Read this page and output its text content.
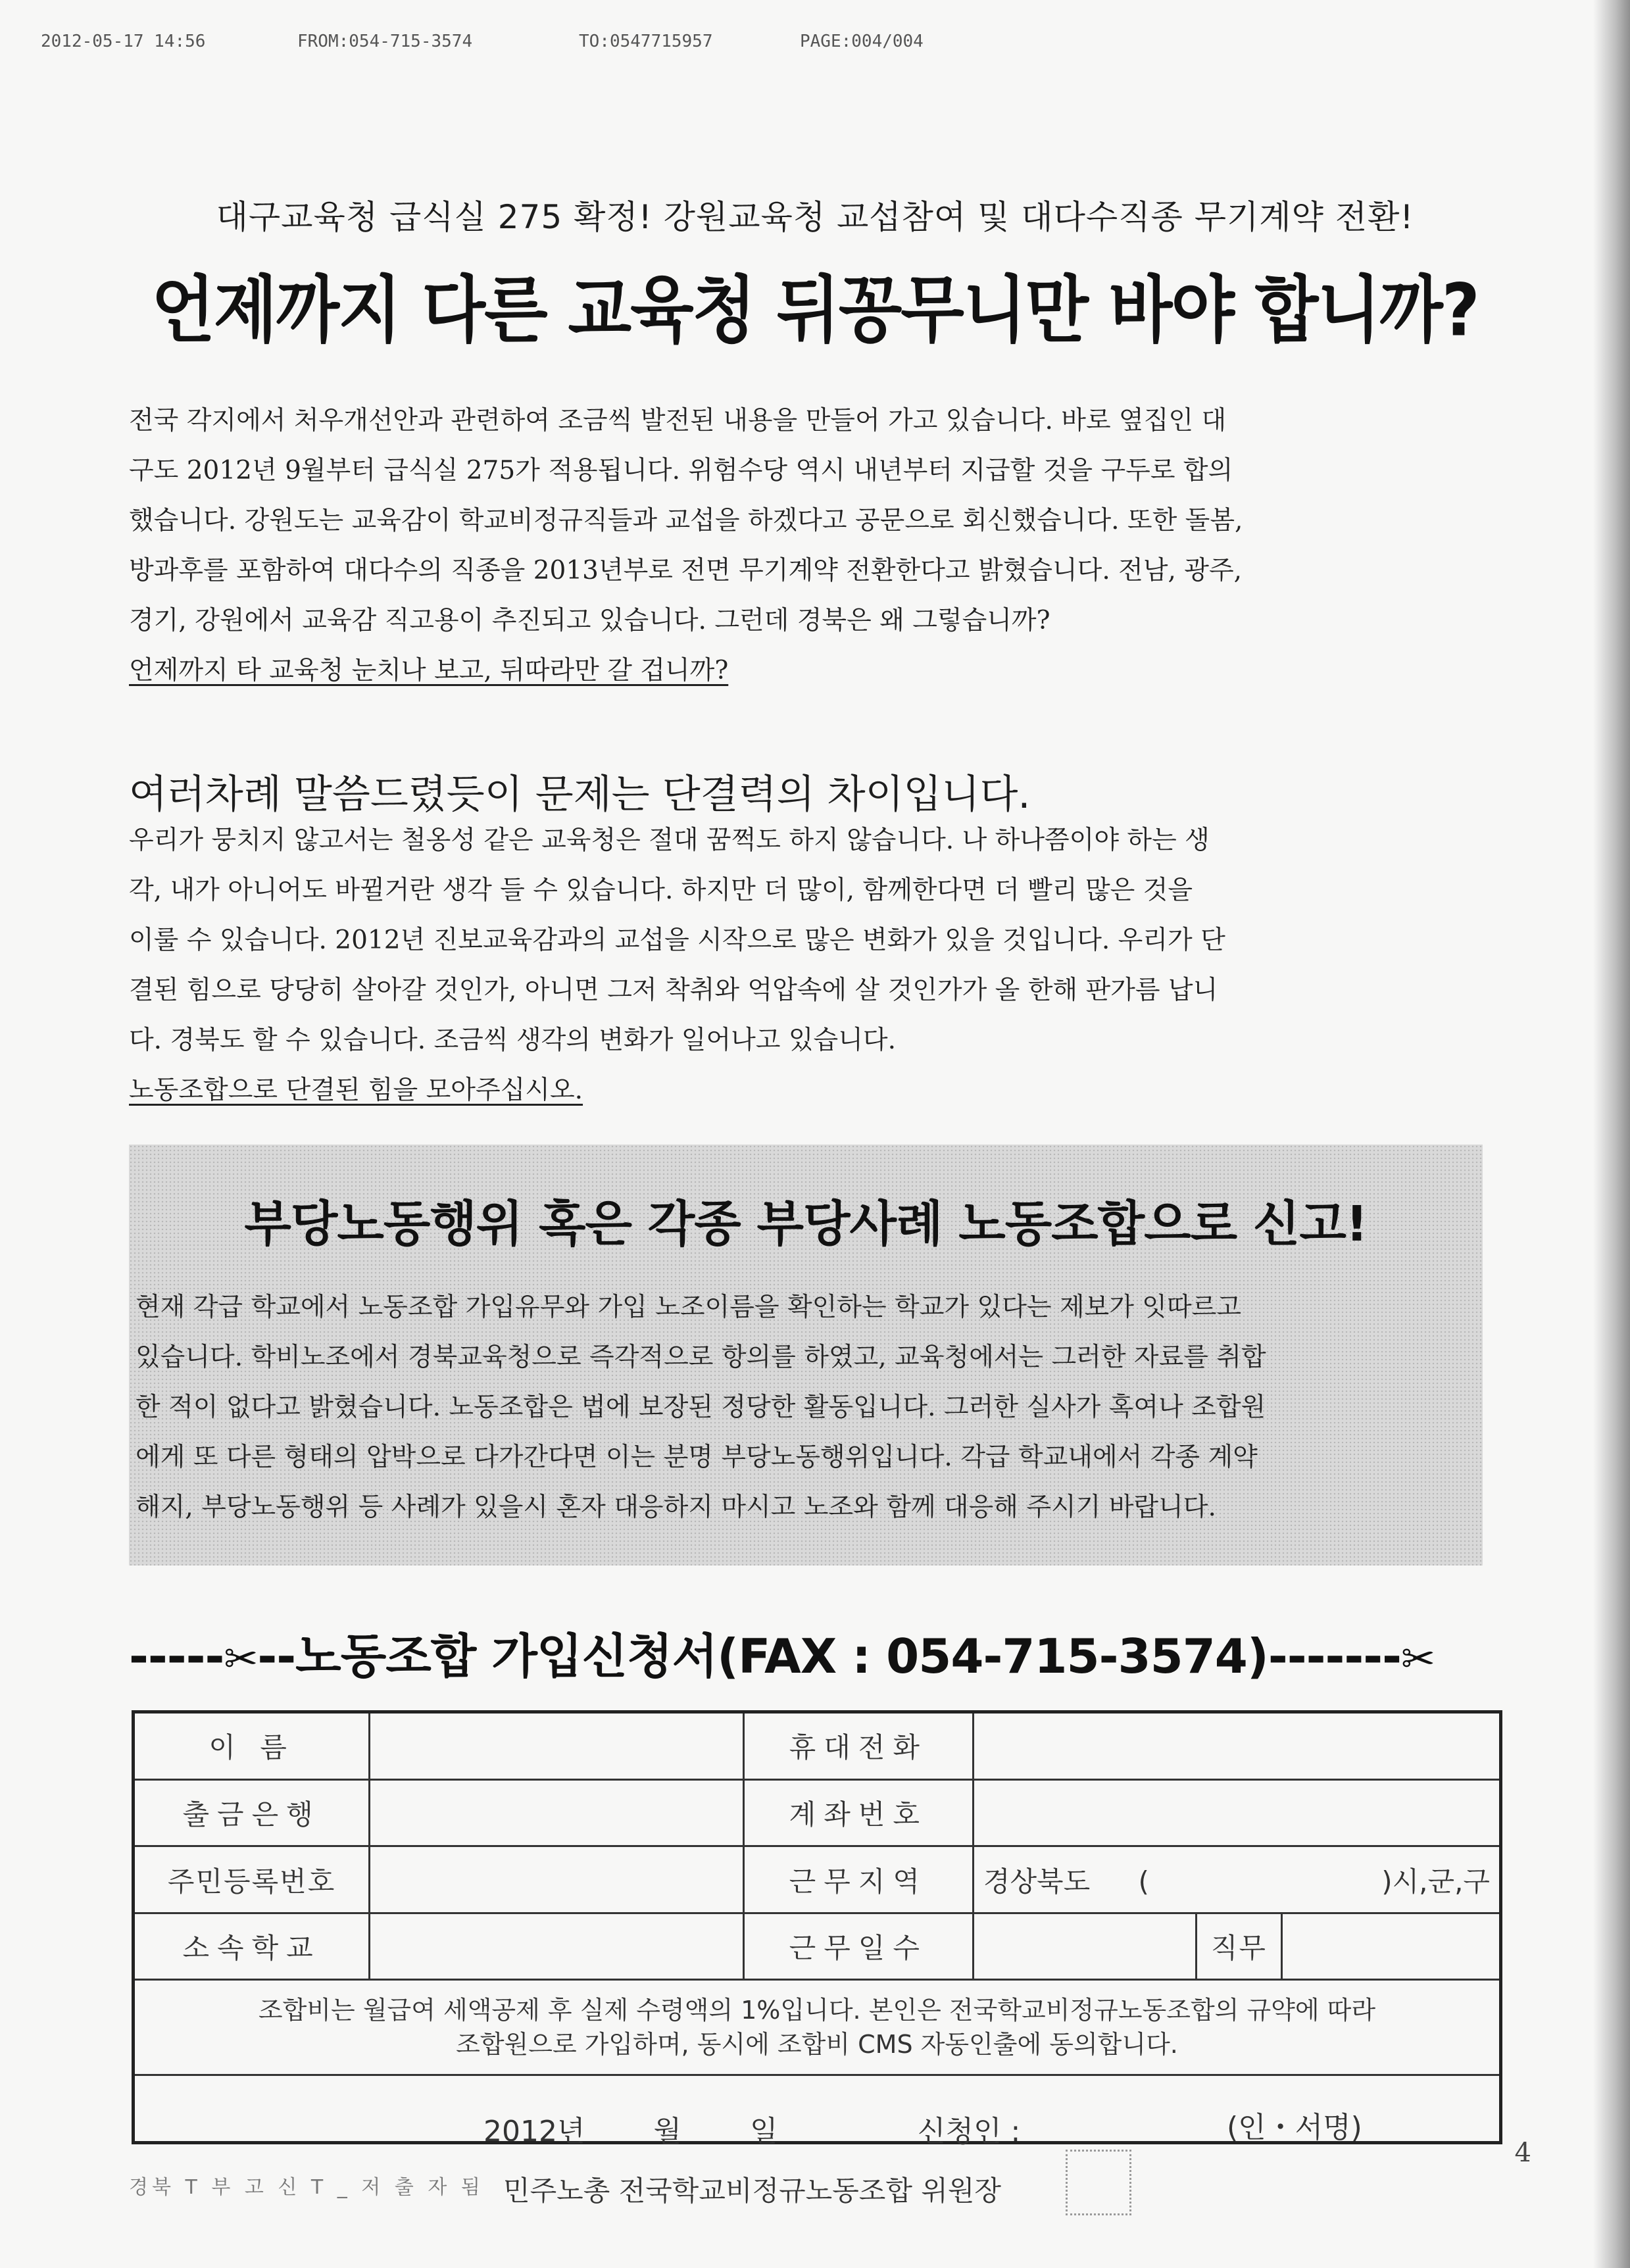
2012-05-17 14:56	FROM:054-715-3574	TO:0547715957	PAGE:004/004
대구교육청 급식실 275 확정! 강원교육청 교섭참여 및 대다수직종 무기계약 전환!
언제까지 다른 교육청 뒤꽁무니만 바야 합니까?

전국 각지에서 처우개선안과 관련하여 조금씩 발전된 내용을 만들어 가고 있습니다. 바로 옆집인 대

구도 2012년 9월부터 급식실 275가 적용됩니다. 위험수당 역시 내년부터 지급할 것을 구두로 합의

했습니다. 강원도는 교육감이 학교비정규직들과 교섭을 하겠다고 공문으로 회신했습니다. 또한 돌봄,

방과후를 포함하여 대다수의 직종을 2013년부로 전면 무기계약 전환한다고 밝혔습니다. 전남, 광주,

경기, 강원에서 교육감 직고용이 추진되고 있습니다. 그런데 경북은 왜 그렇습니까?

언제까지 타 교육청 눈치나 보고, 뒤따라만 갈 겁니까?

여러차례 말씀드렸듯이 문제는 단결력의 차이입니다.

우리가 뭉치지 않고서는 철옹성 같은 교육청은 절대 꿈쩍도 하지 않습니다. 나 하나쯤이야 하는 생

각, 내가 아니어도 바뀔거란 생각 들 수 있습니다. 하지만 더 많이, 함께한다면 더 빨리 많은 것을

이룰 수 있습니다. 2012년 진보교육감과의 교섭을 시작으로 많은 변화가 있을 것입니다. 우리가 단

결된 힘으로 당당히 살아갈 것인가, 아니면 그저 착취와 억압속에 살 것인가가 올 한해 판가름 납니

다. 경북도 할 수 있습니다. 조금씩 생각의 변화가 일어나고 있습니다.

노동조합으로 단결된 힘을 모아주십시오.

부당노동행위 혹은 각종 부당사례 노동조합으로 신고!

현재 각급 학교에서 노동조합 가입유무와 가입 노조이름을 확인하는 학교가 있다는 제보가 잇따르고

있습니다. 학비노조에서 경북교육청으로 즉각적으로 항의를 하였고, 교육청에서는 그러한 자료를 취합

한 적이 없다고 밝혔습니다. 노동조합은 법에 보장된 정당한 활동입니다. 그러한 실사가 혹여나 조합원

에게 또 다른 형태의 압박으로 다가간다면 이는 분명 부당노동행위입니다. 각급 학교내에서 각종 계약

해지, 부당노동행위 등 사례가 있을시 혼자 대응하지 마시고 노조와 함께 대응해 주시기 바랍니다.

-----✂--노동조합 가입신청서(FAX : 054-715-3574)-------✂
이 름		휴대전화			
출금은행		계좌번호			
주민등록번호		근무지역	경상북도 ( )시,군,구		

소속학교		근무일수		직무	

조합비는 월급여 세액공제 후 실제 수령액의 1%입니다. 본인은 전국학교비정규노동조합의 규약에 따라
조합원으로 가입하며, 동시에 조합비 CMS 자동인출에 동의합니다.					

2012년 월 일 신청인 : (인・서명)
민주노총 전국학교비정규노동조합 위원장					
4
경북 T 부 고 신 T _ 저 출 자 됨
